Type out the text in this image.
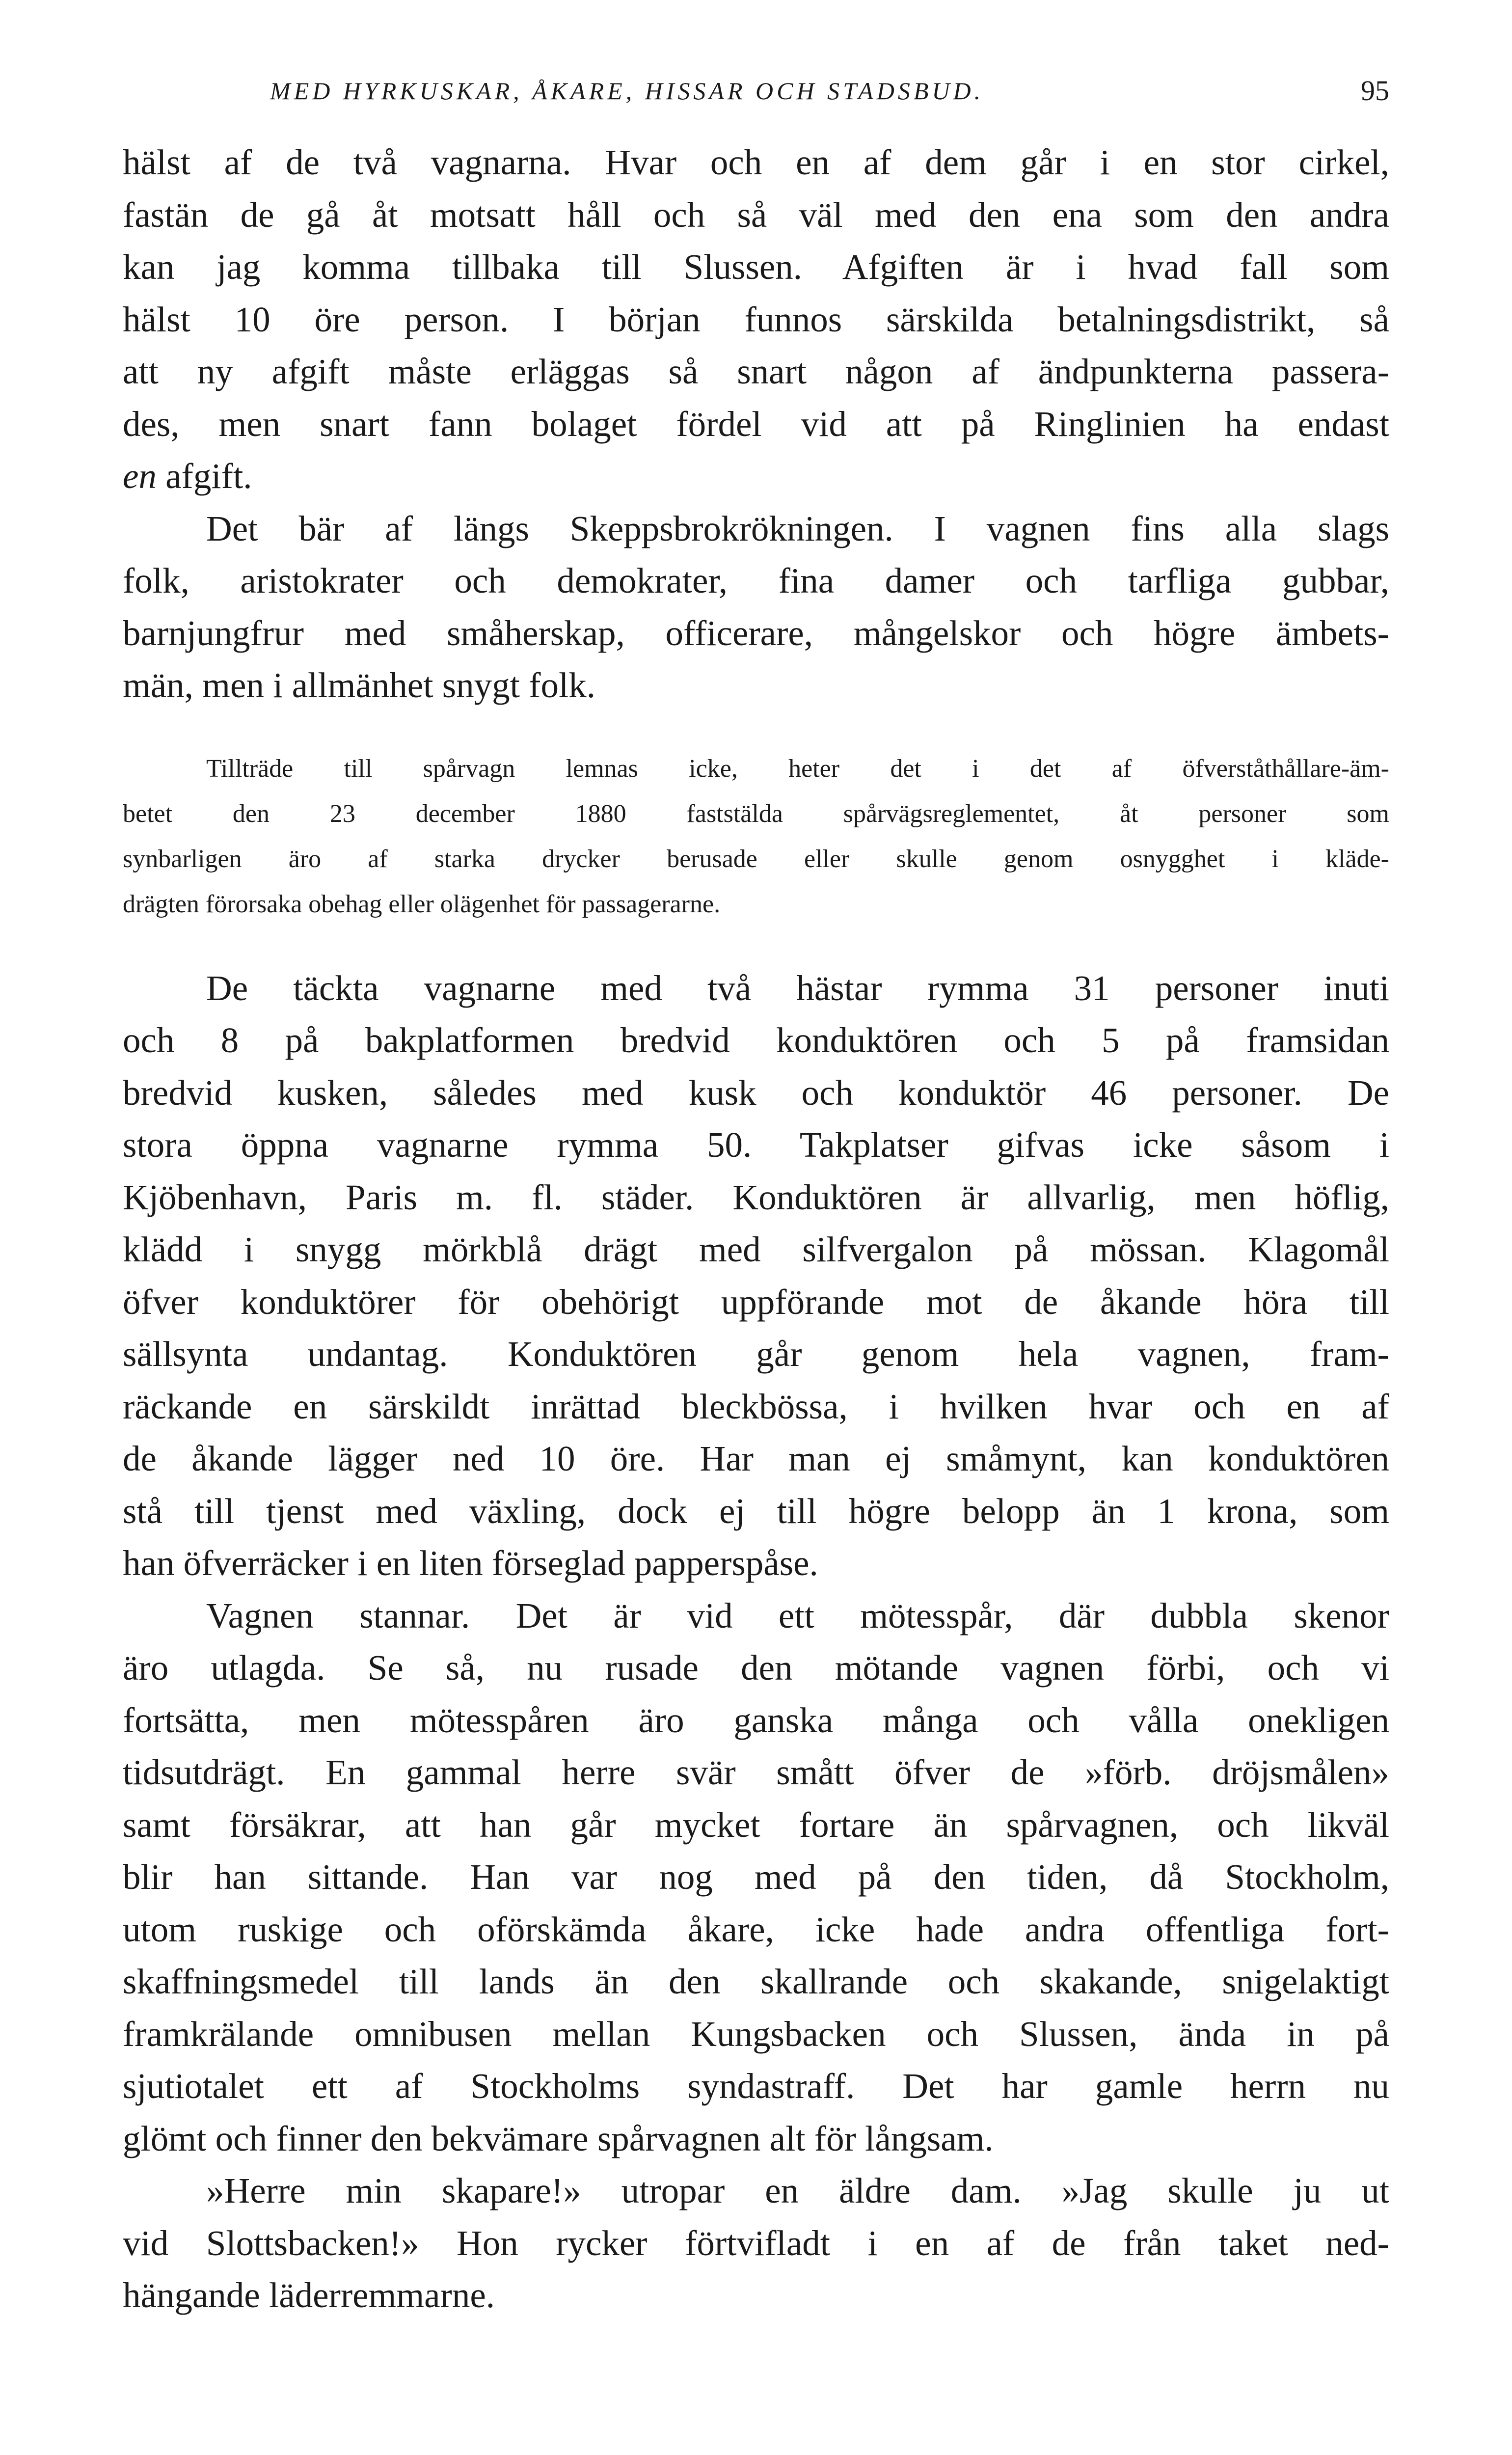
MED HYRKUSKAR, ÅKARE, HISSAR OCH STADSBUD.	95
hälst af de två vagnarna. Hvar och en af dem går i en stor cirkel,
fastän de gå åt motsatt håll och så väl med den ena som den andra
kan jag komma tillbaka till Slussen. Afgiften är i hvad fall som
hälst 10 öre person. I början funnos särskilda betalningsdistrikt, så
att ny afgift måste erläggas så snart någon af ändpunkterna passera-
des, men snart fann bolaget fördel vid att på Ringlinien ha endast
en afgift.
Det bär af längs Skeppsbrokrökningen. I vagnen fins alla slags
folk, aristokrater och demokrater, fina damer och tarfliga gubbar,
barnjungfrur med småherskap, officerare, mångelskor och högre ämbets-
män, men i allmänhet snygt folk.
Tillträde till spårvagn lemnas icke, heter det i det af öfverståthållare-äm-
betet den 23 december 1880 faststälda spårvägsreglementet, åt personer som
synbarligen äro af starka drycker berusade eller skulle genom osnygghet i kläde-
drägten förorsaka obehag eller olägenhet för passagerarne.
De täckta vagnarne med två hästar rymma 31 personer inuti
och 8 på bakplatformen bredvid konduktören och 5 på framsidan
bredvid kusken, således med kusk och konduktör 46 personer. De
stora öppna vagnarne rymma 50. Takplatser gifvas icke såsom i
Kjöbenhavn, Paris m. fl. städer. Konduktören är allvarlig, men höflig,
klädd i snygg mörkblå drägt med silfvergalon på mössan. Klagomål
öfver konduktörer för obehörigt uppförande mot de åkande höra till
sällsynta undantag. Konduktören går genom hela vagnen, fram-
räckande en särskildt inrättad bleckbössa, i hvilken hvar och en af
de åkande lägger ned 10 öre. Har man ej småmynt, kan konduktören
stå till tjenst med växling, dock ej till högre belopp än 1 krona, som
han öfverräcker i en liten förseglad papperspåse.
Vagnen stannar. Det är vid ett mötesspår, där dubbla skenor
äro utlagda. Se så, nu rusade den mötande vagnen förbi, och vi
fortsätta, men mötesspåren äro ganska många och vålla onekligen
tidsutdrägt. En gammal herre svär smått öfver de »förb. dröjsmålen»
samt försäkrar, att han går mycket fortare än spårvagnen, och likväl
blir han sittande. Han var nog med på den tiden, då Stockholm,
utom ruskige och oförskämda åkare, icke hade andra offentliga fort-
skaffningsmedel till lands än den skallrande och skakande, snigelaktigt
framkrälande omnibusen mellan Kungsbacken och Slussen, ända in på
sjutiotalet ett af Stockholms syndastraff. Det har gamle herrn nu
glömt och finner den bekvämare spårvagnen alt för långsam.
»Herre min skapare!» utropar en äldre dam. »Jag skulle ju ut
vid Slottsbacken!» Hon rycker förtvifladt i en af de från taket ned-
hängande läderremmarne.
